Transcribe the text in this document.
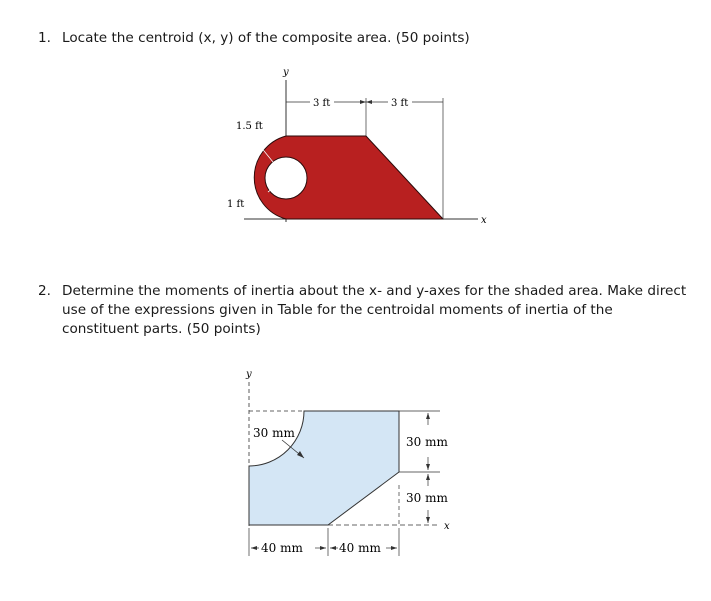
1. Locate the centroid (x, y) of the composite area. (50 points)
2. Determine the moments of inertia about the x- and y-axes for the shaded area. Make direct use of the expressions given in Table for the centroidal moments of inertia of the constituent parts. (50 points)
y
x
3 ft	3 ft
1.5 ft
1 ft
y
x
30 mm
30 mm
30 mm
40 mm	40 mm
